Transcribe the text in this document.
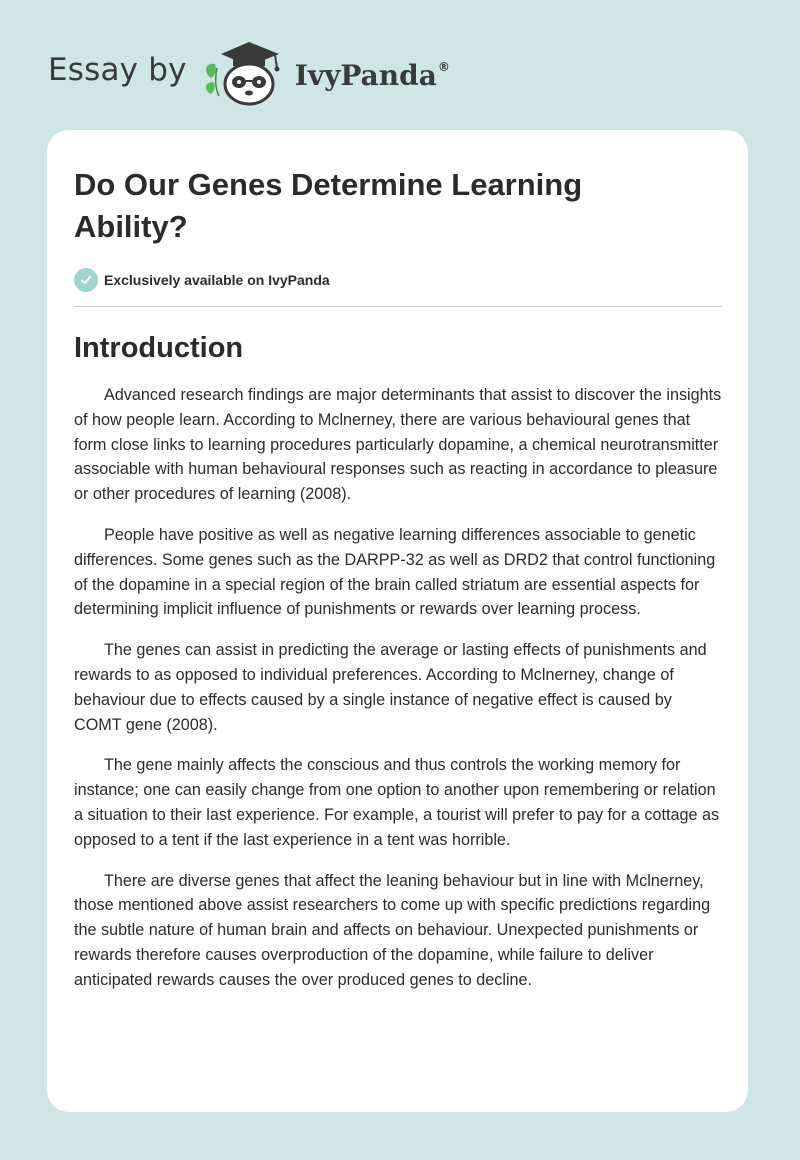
Essay by	IvyPanda®
Do Our Genes Determine Learning Ability?
Exclusively available on IvyPanda
Introduction

Advanced research findings are major determinants that assist to discover the insights of how people learn. According to Mclnerney, there are various behavioural genes that form close links to learning procedures particularly dopamine, a chemical neurotransmitter associable with human behavioural responses such as reacting in accordance to pleasure or other procedures of learning (2008).

People have positive as well as negative learning differences associable to genetic differences. Some genes such as the DARPP-32 as well as DRD2 that control functioning of the dopamine in a special region of the brain called striatum are essential aspects for determining implicit influence of punishments or rewards over learning process.

The genes can assist in predicting the average or lasting effects of punishments and rewards to as opposed to individual preferences. According to Mclnerney, change of behaviour due to effects caused by a single instance of negative effect is caused by COMT gene (2008).

The gene mainly affects the conscious and thus controls the working memory for instance; one can easily change from one option to another upon remembering or relation a situation to their last experience. For example, a tourist will prefer to pay for a cottage as opposed to a tent if the last experience in a tent was horrible.

There are diverse genes that affect the leaning behaviour but in line with Mclnerney, those mentioned above assist researchers to come up with specific predictions regarding the subtle nature of human brain and affects on behaviour. Unexpected punishments or rewards therefore causes overproduction of the dopamine, while failure to deliver anticipated rewards causes the over produced genes to decline.
